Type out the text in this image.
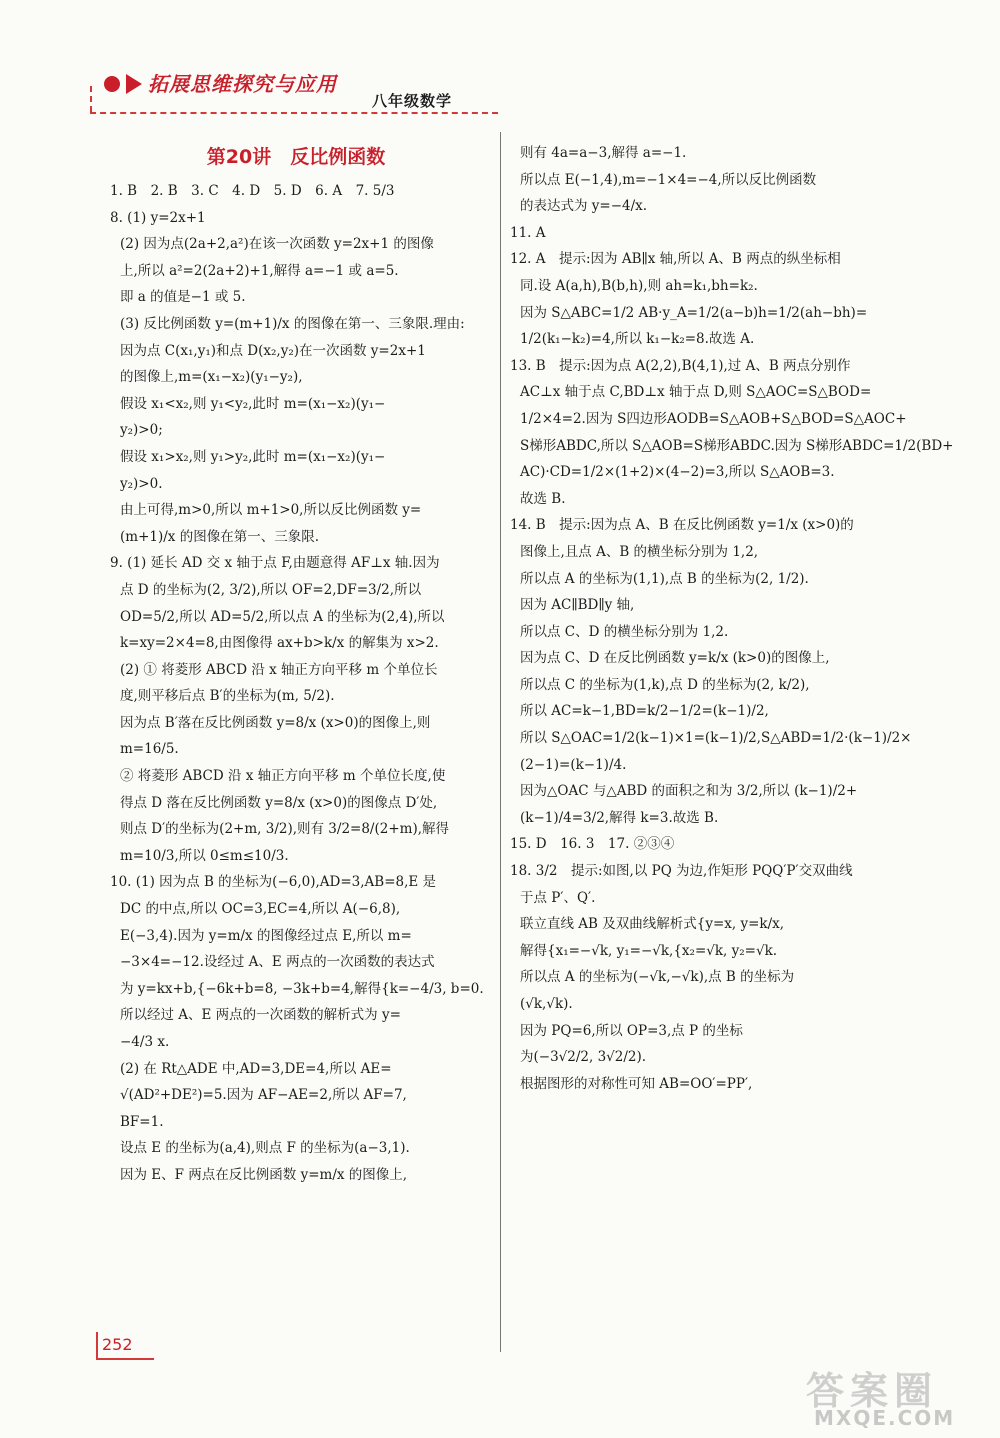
拓展思维探究与应用
八年级数学
第20讲　反比例函数
1. B　2. B　3. C　4. D　5. D　6. A　7. 5/3
8. (1) y=2x+1
(2) 因为点(2a+2,a²)在该一次函数 y=2x+1 的图像
上,所以 a²=2(2a+2)+1,解得 a=−1 或 a=5.
即 a 的值是−1 或 5.
(3) 反比例函数 y=(m+1)/x 的图像在第一、三象限.理由:
因为点 C(x₁,y₁)和点 D(x₂,y₂)在一次函数 y=2x+1
的图像上,m=(x₁−x₂)(y₁−y₂),
假设 x₁<x₂,则 y₁<y₂,此时 m=(x₁−x₂)(y₁−
y₂)>0;
假设 x₁>x₂,则 y₁>y₂,此时 m=(x₁−x₂)(y₁−
y₂)>0.
由上可得,m>0,所以 m+1>0,所以反比例函数 y=
(m+1)/x 的图像在第一、三象限.
9. (1) 延长 AD 交 x 轴于点 F,由题意得 AF⊥x 轴.因为
点 D 的坐标为(2, 3/2),所以 OF=2,DF=3/2,所以
OD=5/2,所以 AD=5/2,所以点 A 的坐标为(2,4),所以
k=xy=2×4=8,由图像得 ax+b>k/x 的解集为 x>2.
(2) ① 将菱形 ABCD 沿 x 轴正方向平移 m 个单位长
度,则平移后点 B′的坐标为(m, 5/2).
因为点 B′落在反比例函数 y=8/x (x>0)的图像上,则
m=16/5.
② 将菱形 ABCD 沿 x 轴正方向平移 m 个单位长度,使
得点 D 落在反比例函数 y=8/x (x>0)的图像点 D′处,
则点 D′的坐标为(2+m, 3/2),则有 3/2=8/(2+m),解得
m=10/3,所以 0≤m≤10/3.
10. (1) 因为点 B 的坐标为(−6,0),AD=3,AB=8,E 是
DC 的中点,所以 OC=3,EC=4,所以 A(−6,8),
E(−3,4).因为 y=m/x 的图像经过点 E,所以 m=
−3×4=−12.设经过 A、E 两点的一次函数的表达式
为 y=kx+b,{−6k+b=8, −3k+b=4,解得{k=−4/3, b=0.
所以经过 A、E 两点的一次函数的解析式为 y=
−4/3 x.
(2) 在 Rt△ADE 中,AD=3,DE=4,所以 AE=
√(AD²+DE²)=5.因为 AF−AE=2,所以 AF=7,
BF=1.
设点 E 的坐标为(a,4),则点 F 的坐标为(a−3,1).
因为 E、F 两点在反比例函数 y=m/x 的图像上,
则有 4a=a−3,解得 a=−1.
所以点 E(−1,4),m=−1×4=−4,所以反比例函数
的表达式为 y=−4/x.
11. A
12. A　提示:因为 AB∥x 轴,所以 A、B 两点的纵坐标相
同.设 A(a,h),B(b,h),则 ah=k₁,bh=k₂.
因为 S△ABC=1/2 AB·y_A=1/2(a−b)h=1/2(ah−bh)=
1/2(k₁−k₂)=4,所以 k₁−k₂=8.故选 A.
13. B　提示:因为点 A(2,2),B(4,1),过 A、B 两点分别作
AC⊥x 轴于点 C,BD⊥x 轴于点 D,则 S△AOC=S△BOD=
1/2×4=2.因为 S四边形AODB=S△AOB+S△BOD=S△AOC+
S梯形ABDC,所以 S△AOB=S梯形ABDC.因为 S梯形ABDC=1/2(BD+
AC)·CD=1/2×(1+2)×(4−2)=3,所以 S△AOB=3.
故选 B.
14. B　提示:因为点 A、B 在反比例函数 y=1/x (x>0)的
图像上,且点 A、B 的横坐标分别为 1,2,
所以点 A 的坐标为(1,1),点 B 的坐标为(2, 1/2).
因为 AC∥BD∥y 轴,
所以点 C、D 的横坐标分别为 1,2.
因为点 C、D 在反比例函数 y=k/x (k>0)的图像上,
所以点 C 的坐标为(1,k),点 D 的坐标为(2, k/2),
所以 AC=k−1,BD=k/2−1/2=(k−1)/2,
所以 S△OAC=1/2(k−1)×1=(k−1)/2,S△ABD=1/2·(k−1)/2×
(2−1)=(k−1)/4.
因为△OAC 与△ABD 的面积之和为 3/2,所以 (k−1)/2+
(k−1)/4=3/2,解得 k=3.故选 B.
15. D　16. 3　17. ②③④
18. 3/2　提示:如图,以 PQ 为边,作矩形 PQQ′P′交双曲线
于点 P′、Q′.
联立直线 AB 及双曲线解析式{y=x, y=k/x,
解得{x₁=−√k, y₁=−√k,{x₂=√k, y₂=√k.
所以点 A 的坐标为(−√k,−√k),点 B 的坐标为
(√k,√k).
因为 PQ=6,所以 OP=3,点 P 的坐标
为(−3√2/2, 3√2/2).
根据图形的对称性可知 AB=OO′=PP′,
252
答案圈
MXQE.COM
